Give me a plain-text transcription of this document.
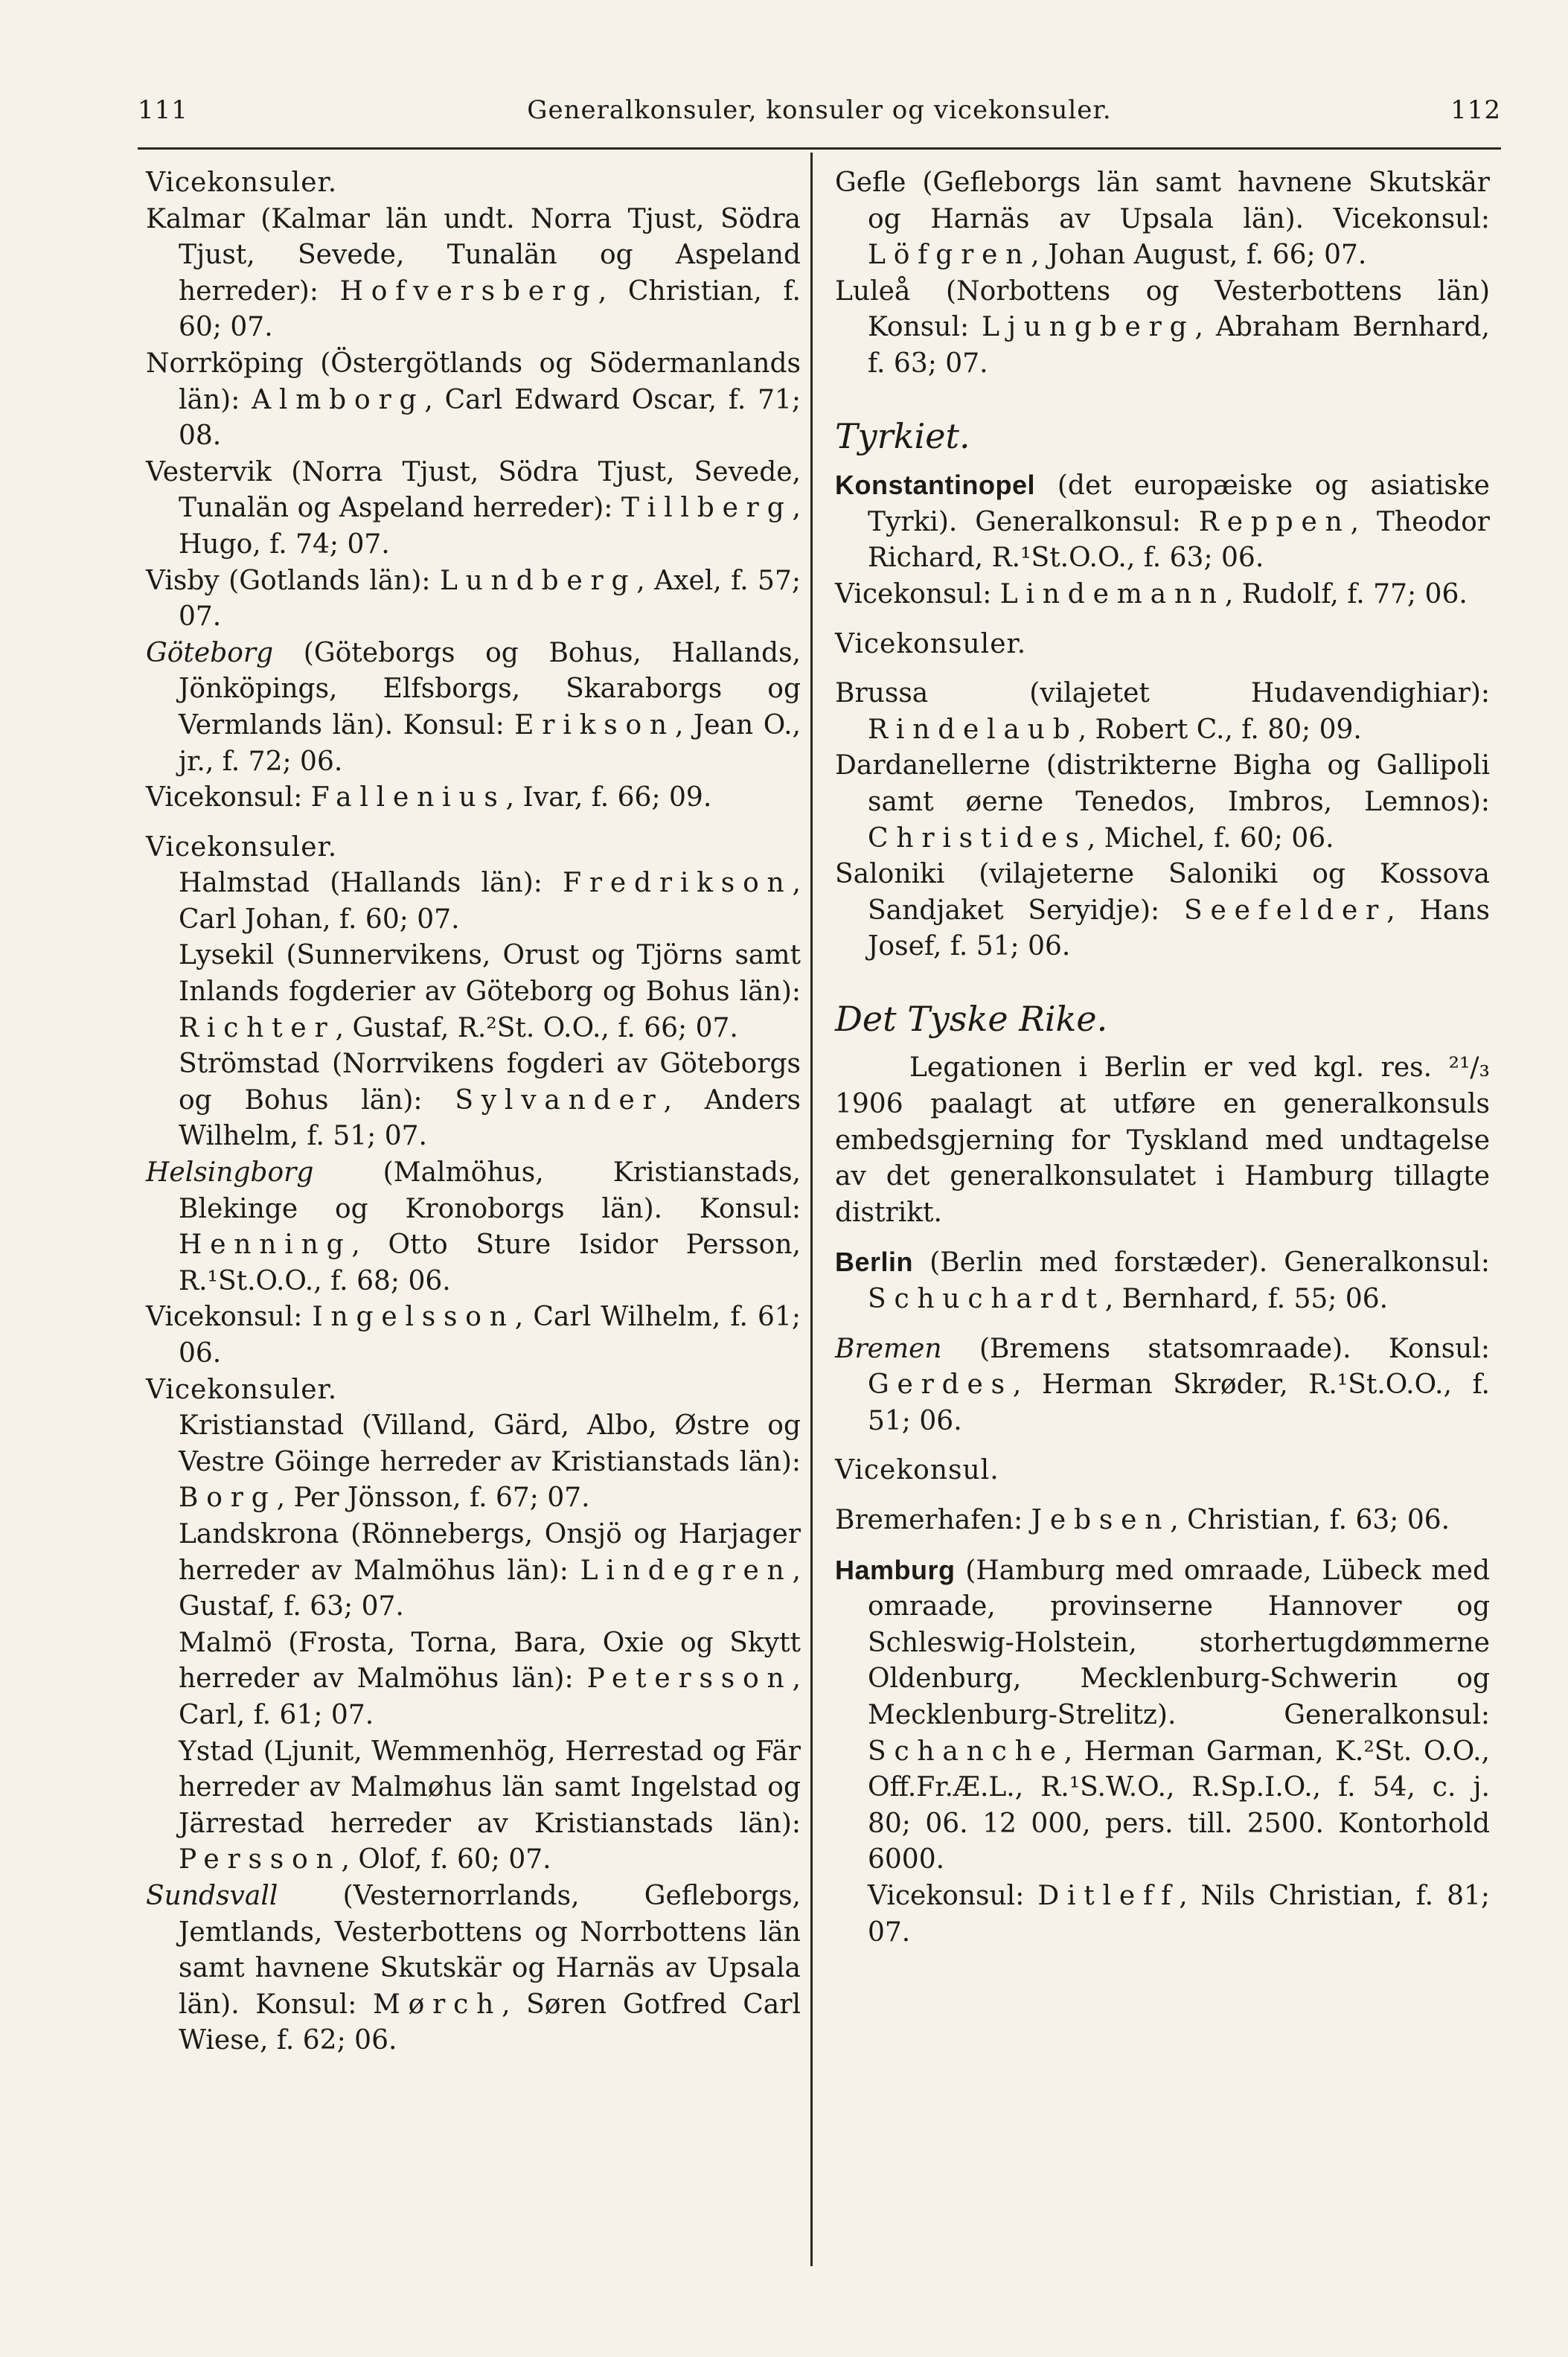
111	Generalkonsuler, konsuler og vicekonsuler.	112

Vicekonsuler.

Kalmar (Kalmar län undt. Norra Tjust, Södra Tjust, Sevede, Tunalän og Aspeland herreder): Hofversberg, Christian, f. 60; 07.

Norrköping (Östergötlands og Södermanlands län): Almborg, Carl Edward Oscar, f. 71; 08.

Vestervik (Norra Tjust, Södra Tjust, Sevede, Tunalän og Aspeland herreder): Tillberg, Hugo, f. 74; 07.

Visby (Gotlands län): Lundberg, Axel, f. 57; 07.

Göteborg (Göteborgs og Bohus, Hallands, Jönköpings, Elfsborgs, Skaraborgs og Vermlands län). Konsul: Erikson, Jean O., jr., f. 72; 06.

Vicekonsul: Fallenius, Ivar, f. 66; 09.

Vicekonsuler.

Halmstad (Hallands län): Fredrikson, Carl Johan, f. 60; 07.

Lysekil (Sunnervikens, Orust og Tjörns samt Inlands fogderier av Göteborg og Bohus län): Richter, Gustaf, R.²St. O.O., f. 66; 07.

Strömstad (Norrvikens fogderi av Göteborgs og Bohus län): Sylvander, Anders Wilhelm, f. 51; 07.

Helsingborg (Malmöhus, Kristianstads, Blekinge og Kronoborgs län). Konsul: Henning, Otto Sture Isidor Persson, R.¹St.O.O., f. 68; 06.

Vicekonsul: Ingelsson, Carl Wilhelm, f. 61; 06.

Vicekonsuler.

Kristianstad (Villand, Gärd, Albo, Østre og Vestre Göinge herreder av Kristianstads län): Borg, Per Jönsson, f. 67; 07.

Landskrona (Rönnebergs, Onsjö og Harjager herreder av Malmöhus län): Lindegren, Gustaf, f. 63; 07.

Malmö (Frosta, Torna, Bara, Oxie og Skytt herreder av Malmöhus län): Petersson, Carl, f. 61; 07.

Ystad (Ljunit, Wemmenhög, Herrestad og Fär herreder av Malmøhus län samt Ingelstad og Järrestad herreder av Kristianstads län): Persson, Olof, f. 60; 07.

Sundsvall (Vesternorrlands, Gefleborgs, Jemtlands, Vesterbottens og Norrbottens län samt havnene Skutskär og Harnäs av Upsala län). Konsul: Mørch, Søren Gotfred Carl Wiese, f. 62; 06.

Gefle (Gefleborgs län samt havnene Skutskär og Harnäs av Upsala län). Vicekonsul: Löfgren, Johan August, f. 66; 07.

Luleå (Norbottens og Vesterbottens län) Konsul: Ljungberg, Abraham Bernhard, f. 63; 07.

Tyrkiet.

Konstantinopel (det europæiske og asiatiske Tyrki). Generalkonsul: Reppen, Theodor Richard, R.¹St.O.O., f. 63; 06.

Vicekonsul: Lindemann, Rudolf, f. 77; 06.

Vicekonsuler.

Brussa (vilajetet Hudavendighiar): Rindelaub, Robert C., f. 80; 09.

Dardanellerne (distrikterne Bigha og Gallipoli samt øerne Tenedos, Imbros, Lemnos): Christides, Michel, f. 60; 06.

Saloniki (vilajeterne Saloniki og Kossova Sandjaket Seryidje): Seefelder, Hans Josef, f. 51; 06.

Det Tyske Rike.

Legationen i Berlin er ved kgl. res. ²¹/₃ 1906 paalagt at utføre en generalkonsuls embedsgjerning for Tyskland med undtagelse av det generalkonsulatet i Hamburg tillagte distrikt.

Berlin (Berlin med forstæder). Generalkonsul: Schuchardt, Bernhard, f. 55; 06.

Bremen (Bremens statsomraade). Konsul: Gerdes, Herman Skrøder, R.¹St.O.O., f. 51; 06.

Vicekonsul.

Bremerhafen: Jebsen, Christian, f. 63; 06.

Hamburg (Hamburg med omraade, Lübeck med omraade, provinserne Hannover og Schleswig-Holstein, storhertugdømmerne Oldenburg, Mecklenburg-Schwerin og Mecklenburg-Strelitz). Generalkonsul: Schanche, Herman Garman, K.²St. O.O., Off.Fr.Æ.L., R.¹S.W.O., R.Sp.I.O., f. 54, c. j. 80; 06. 12 000, pers. till. 2500. Kontorhold 6000.

Vicekonsul: Ditleff, Nils Christian, f. 81; 07.
